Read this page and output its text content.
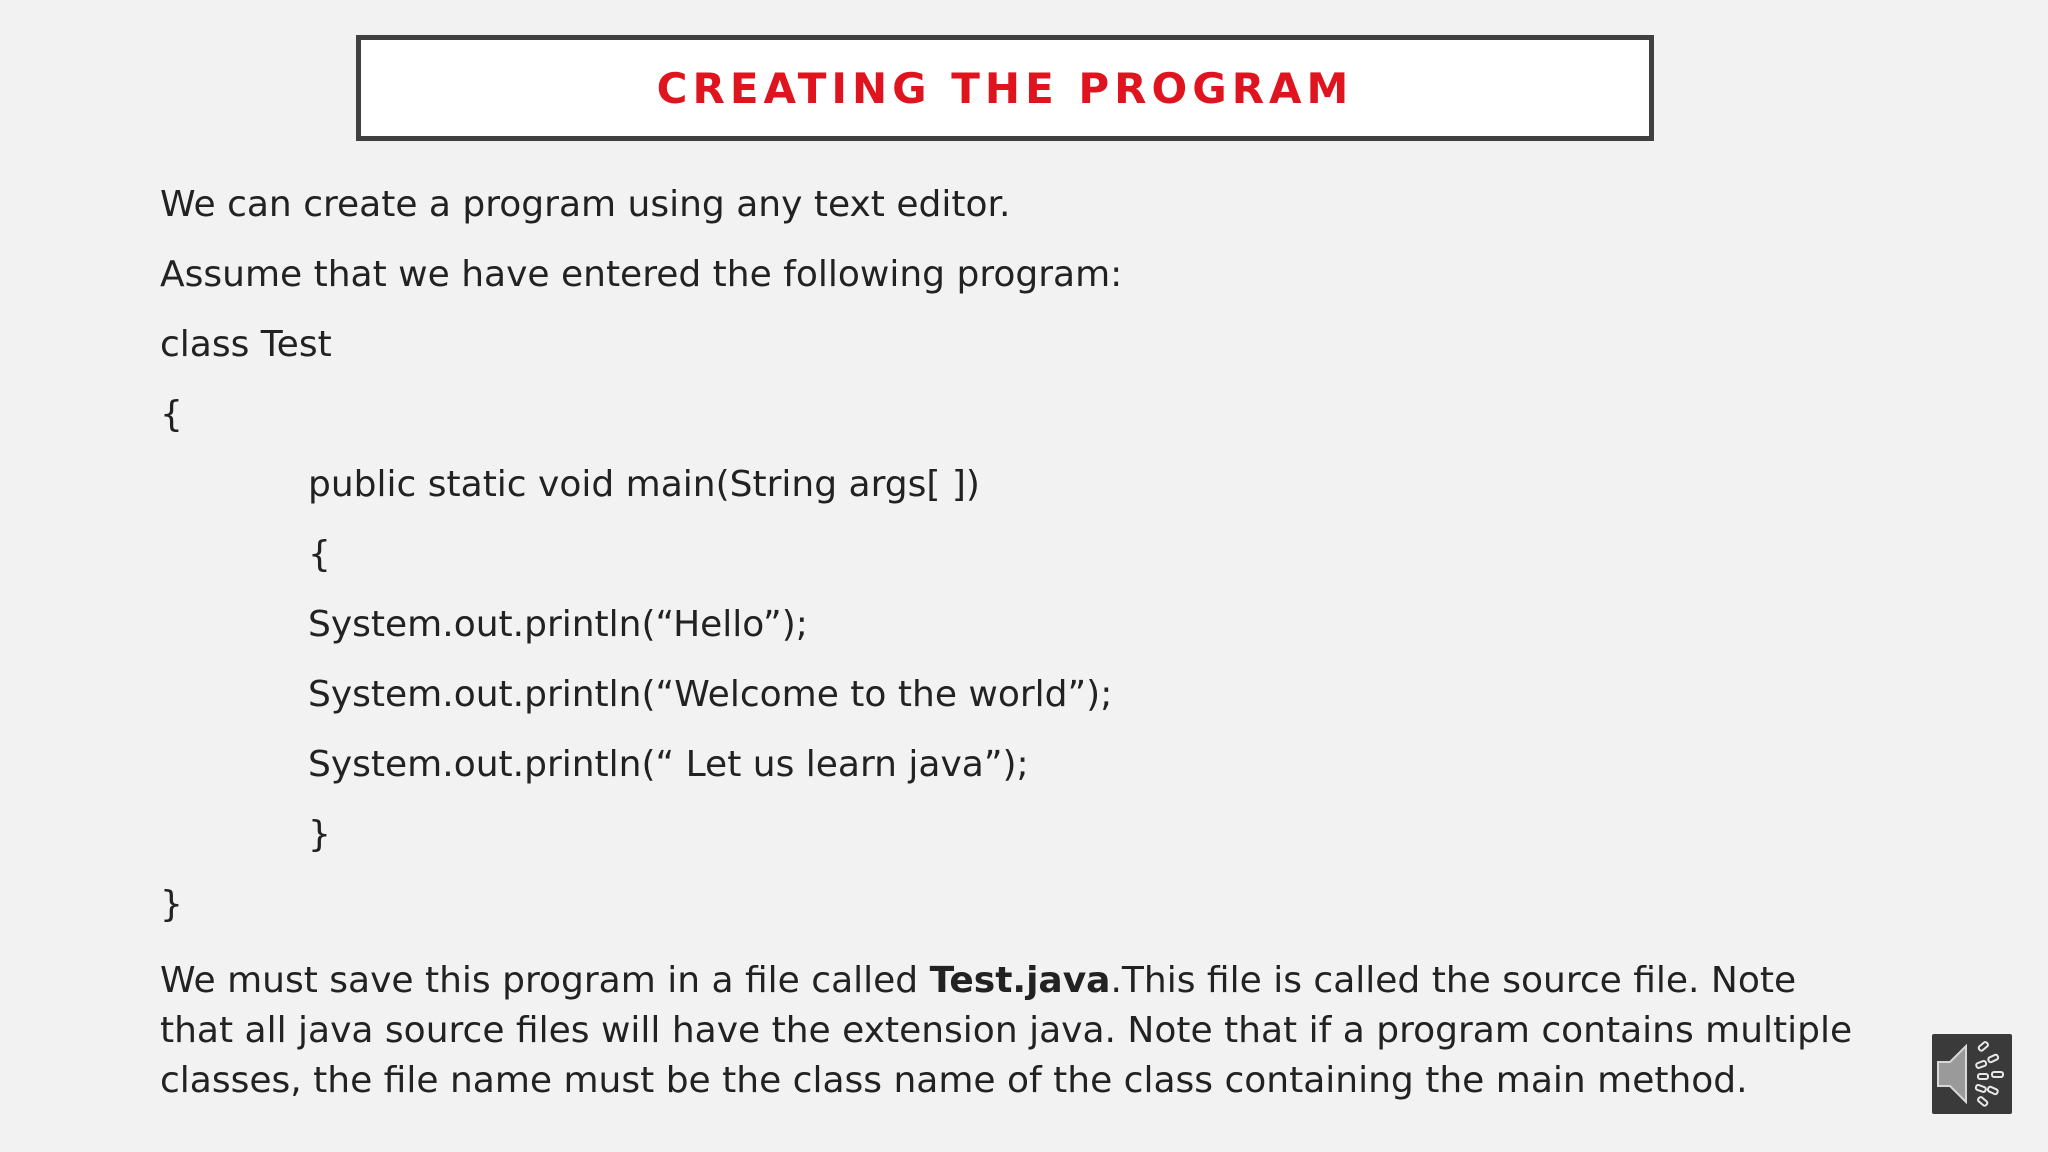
CREATING THE PROGRAM
We can create a program using any text editor.
Assume that we have entered the following program:
class Test
{
public static void main(String args[ ])
{
System.out.println(“Hello”);
System.out.println(“Welcome to the world”);
System.out.println(“ Let us learn java”);
}
}
We must save this program in a file called Test.java.This file is called the source file. Note that all java source files will have the extension java. Note that if a program contains multiple classes, the file name must be the class name of the class containing the main method.
